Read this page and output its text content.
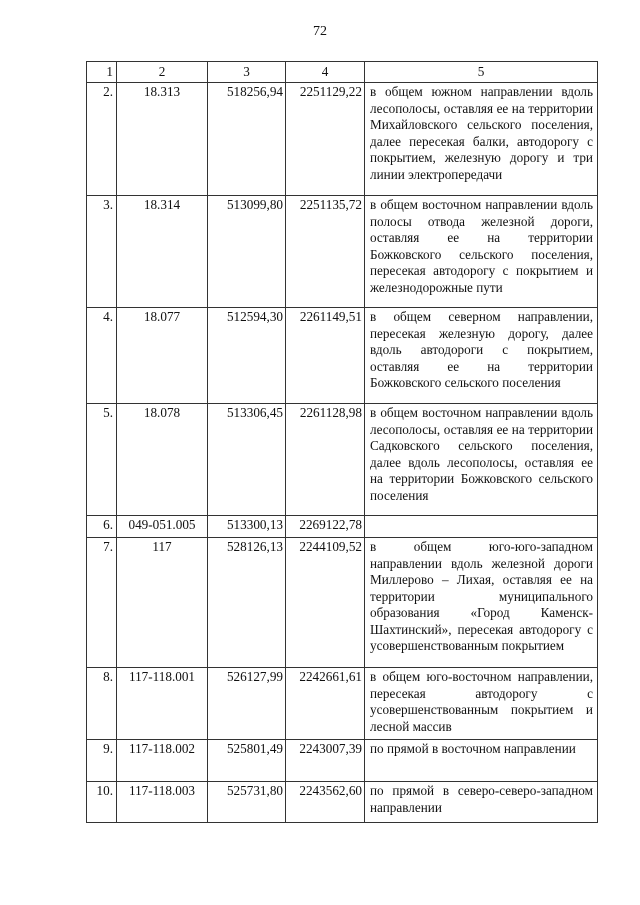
72
1	2	3	4	5
2.	18.313	518256,94	2251129,22	в общем южном направлении вдоль лесополосы, оставляя ее на территории Михайловского сельского поселения, далее пересекая балки, автодорогу с покрытием, железную дорогу и три линии электропередачи
3.	18.314	513099,80	2251135,72	в общем восточном направлении вдоль полосы отвода железной дороги, оставляя ее на территории Божковского сельского поселения, пересекая автодорогу с покрытием и железнодорожные пути
4.	18.077	512594,30	2261149,51	в общем северном направлении, пересекая железную дорогу, далее вдоль автодороги с покрытием, оставляя ее на территории Божковского сельского поселения
5.	18.078	513306,45	2261128,98	в общем восточном направлении вдоль лесополосы, оставляя ее на территории Садковского сельского поселения, далее вдоль лесополосы, оставляя ее на территории Божковского сельского поселения
6.	049-051.005	513300,13	2269122,78	
7.	117	528126,13	2244109,52	в общем юго-юго-западном направлении вдоль железной дороги Миллерово – Лихая, оставляя ее на территории муниципального образования «Город Каменск-Шахтинский», пересекая автодорогу с усовершенствованным покрытием
8.	117-118.001	526127,99	2242661,61	в общем юго-восточном направлении, пересекая автодорогу с усовершенствованным покрытием и лесной массив
9.	117-118.002	525801,49	2243007,39	по прямой в восточном направлении
10.	117-118.003	525731,80	2243562,60	по прямой в северо-северо-западном направлении
